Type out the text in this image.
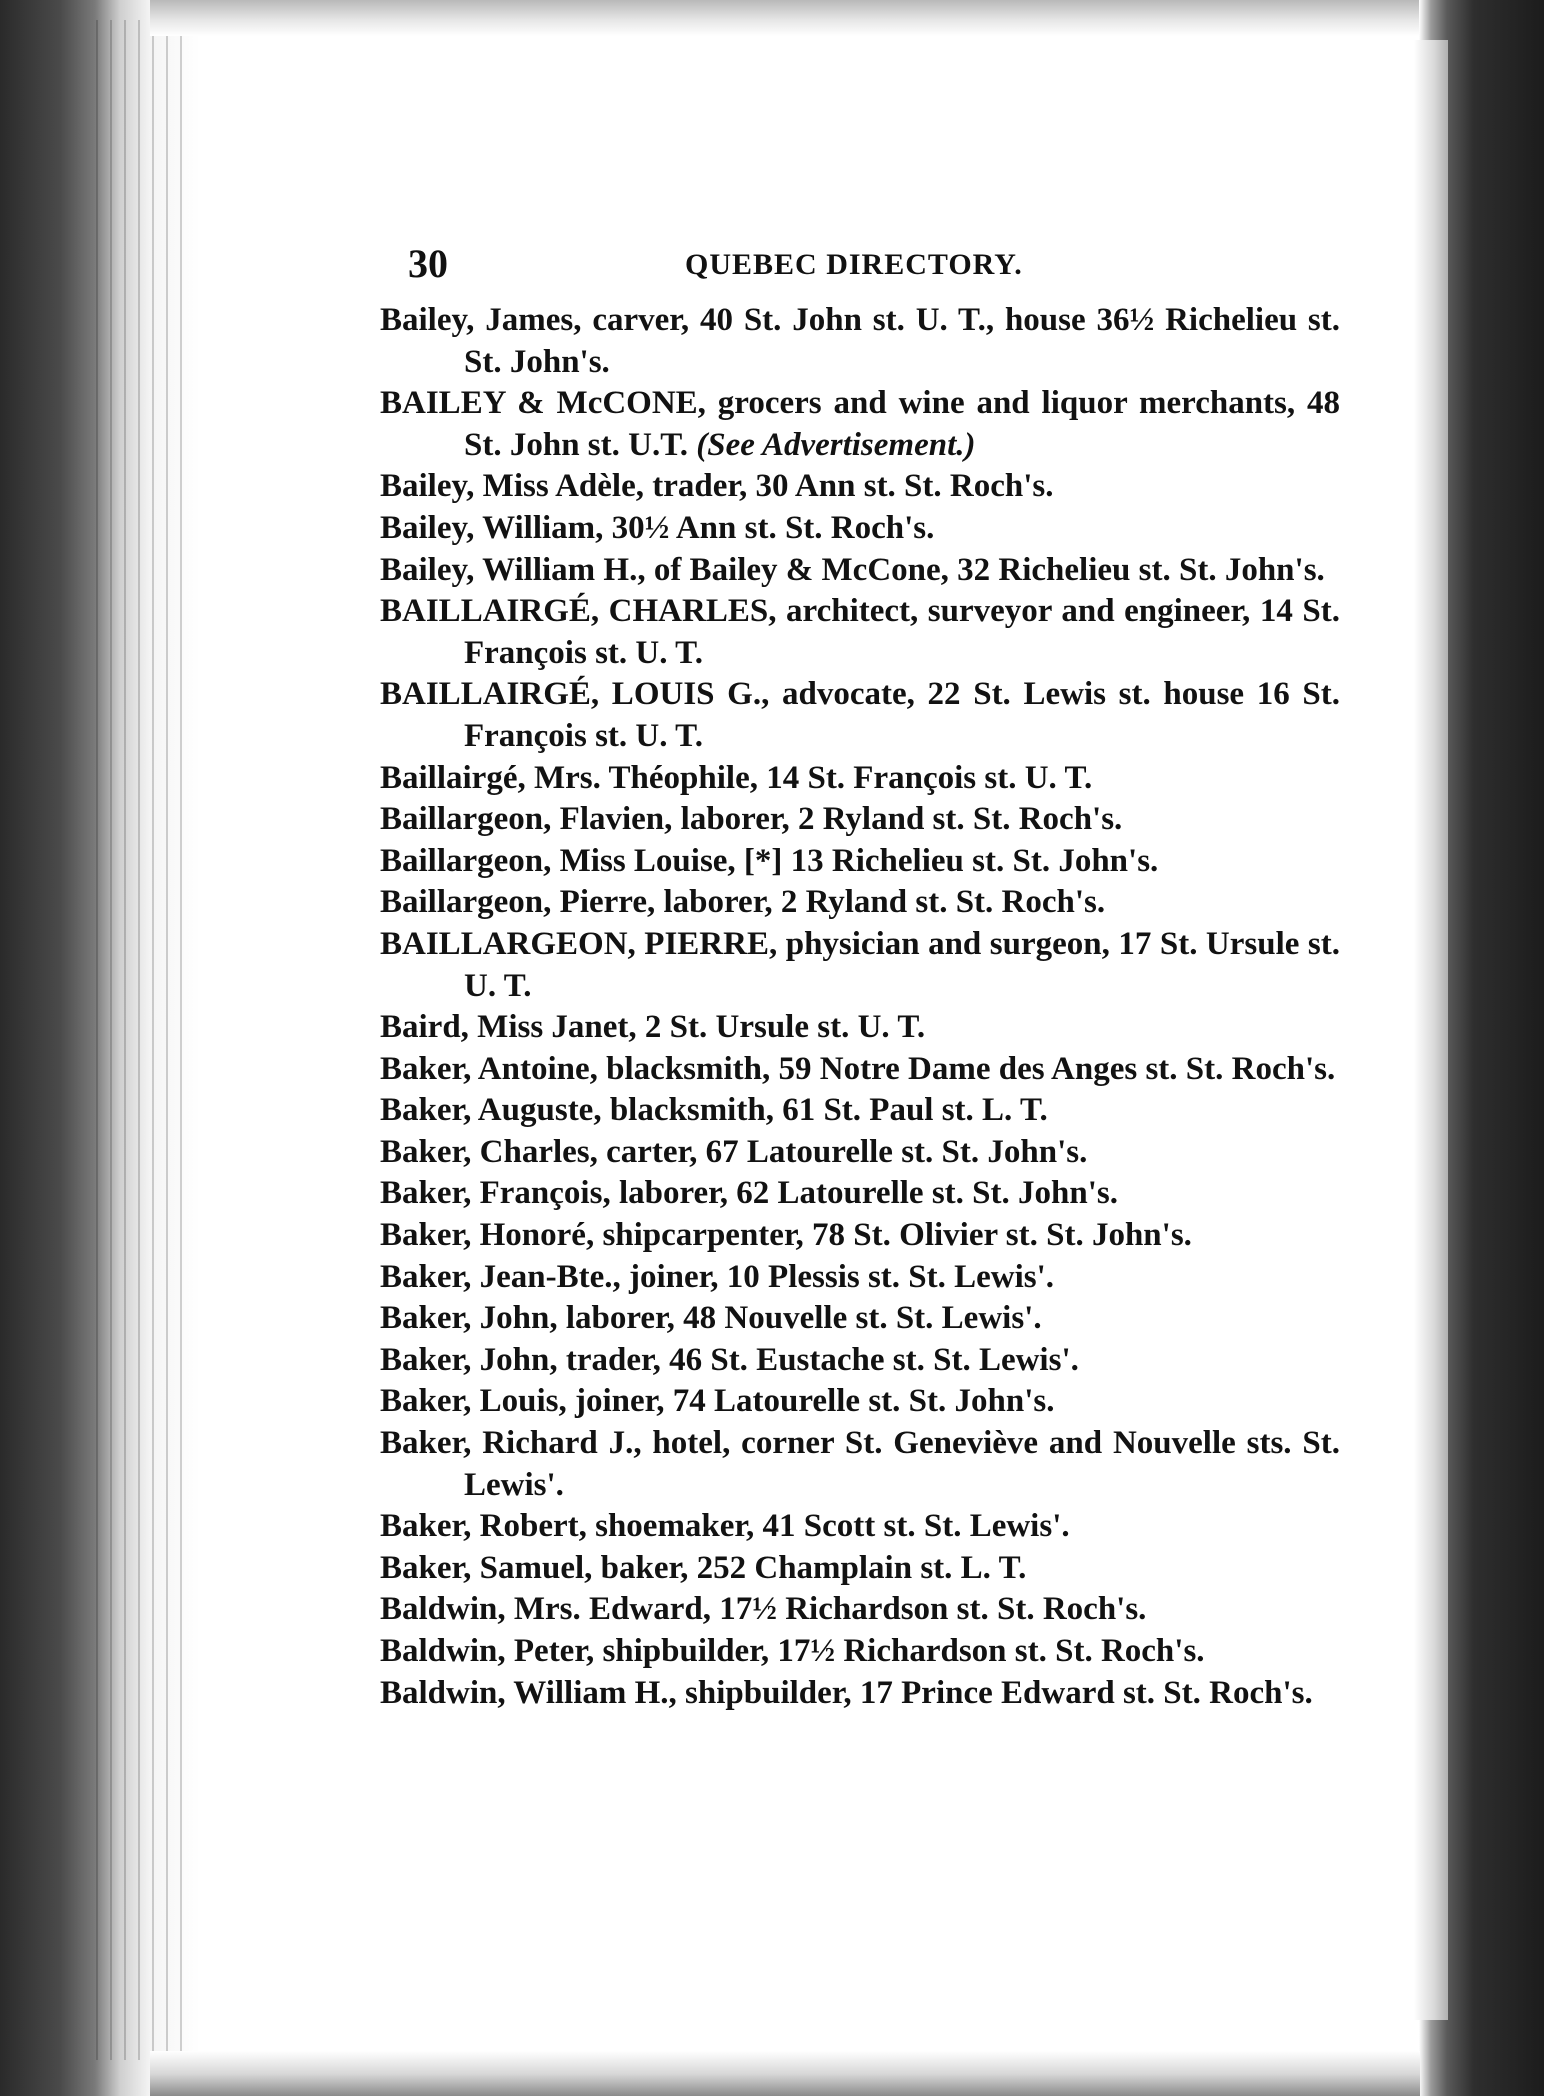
30	QUEBEC DIRECTORY.

Bailey, James, carver, 40 St. John st. U. T., house 36½ Richelieu st. St. John's.

BAILEY & McCONE, grocers and wine and liquor merchants, 48 St. John st. U.T. (See Advertisement.)

Bailey, Miss Adèle, trader, 30 Ann st. St. Roch's.

Bailey, William, 30½ Ann st. St. Roch's.

Bailey, William H., of Bailey & McCone, 32 Richelieu st. St. John's.

BAILLAIRGÉ, CHARLES, architect, surveyor and engineer, 14 St. François st. U. T.

BAILLAIRGÉ, LOUIS G., advocate, 22 St. Lewis st. house 16 St. François st. U. T.

Baillairgé, Mrs. Théophile, 14 St. François st. U. T.

Baillargeon, Flavien, laborer, 2 Ryland st. St. Roch's.

Baillargeon, Miss Louise, [*] 13 Richelieu st. St. John's.

Baillargeon, Pierre, laborer, 2 Ryland st. St. Roch's.

BAILLARGEON, PIERRE, physician and surgeon, 17 St. Ursule st. U. T.

Baird, Miss Janet, 2 St. Ursule st. U. T.

Baker, Antoine, blacksmith, 59 Notre Dame des Anges st. St. Roch's.

Baker, Auguste, blacksmith, 61 St. Paul st. L. T.

Baker, Charles, carter, 67 Latourelle st. St. John's.

Baker, François, laborer, 62 Latourelle st. St. John's.

Baker, Honoré, shipcarpenter, 78 St. Olivier st. St. John's.

Baker, Jean-Bte., joiner, 10 Plessis st. St. Lewis'.

Baker, John, laborer, 48 Nouvelle st. St. Lewis'.

Baker, John, trader, 46 St. Eustache st. St. Lewis'.

Baker, Louis, joiner, 74 Latourelle st. St. John's.

Baker, Richard J., hotel, corner St. Geneviève and Nouvelle sts. St. Lewis'.

Baker, Robert, shoemaker, 41 Scott st. St. Lewis'.

Baker, Samuel, baker, 252 Champlain st. L. T.

Baldwin, Mrs. Edward, 17½ Richardson st. St. Roch's.

Baldwin, Peter, shipbuilder, 17½ Richardson st. St. Roch's.

Baldwin, William H., shipbuilder, 17 Prince Edward st. St. Roch's.
